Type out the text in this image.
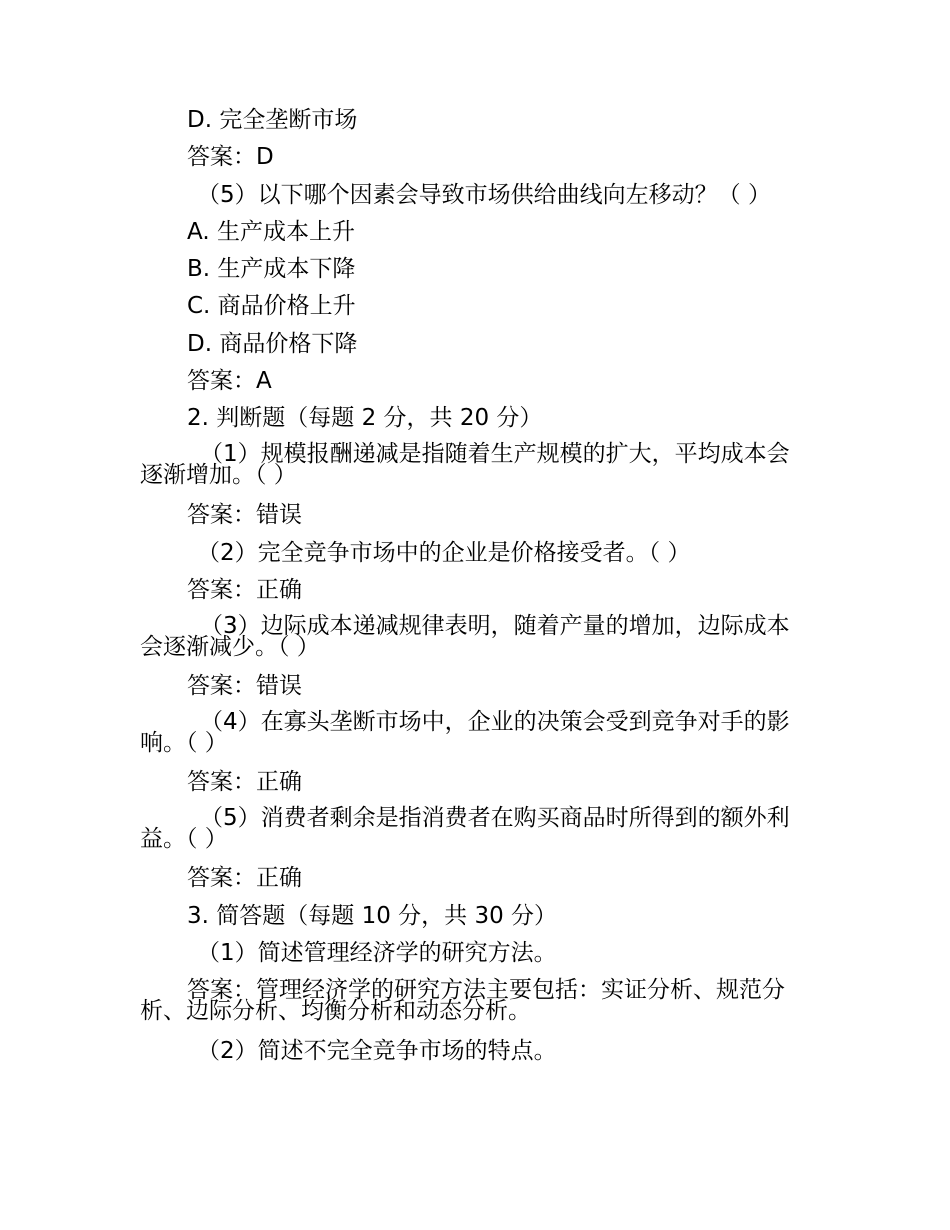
D. 完全垄断市场

答案：D

（5）以下哪个因素会导致市场供给曲线向左移动？（ ）

A. 生产成本上升

B. 生产成本下降

C. 商品价格上升

D. 商品价格下降

答案：A

2. 判断题（每题 2 分，共 20 分）

（1）规模报酬递减是指随着生产规模的扩大，平均成本会逐渐增加。（ ）

答案：错误

（2）完全竞争市场中的企业是价格接受者。（ ）

答案：正确

（3）边际成本递减规律表明，随着产量的增加，边际成本会逐渐减少。（ ）

答案：错误

（4）在寡头垄断市场中，企业的决策会受到竞争对手的影响。（ ）

答案：正确

（5）消费者剩余是指消费者在购买商品时所得到的额外利益。（ ）

答案：正确

3. 简答题（每题 10 分，共 30 分）

（1）简述管理经济学的研究方法。

答案：管理经济学的研究方法主要包括：实证分析、规范分析、边际分析、均衡分析和动态分析。

（2）简述不完全竞争市场的特点。
